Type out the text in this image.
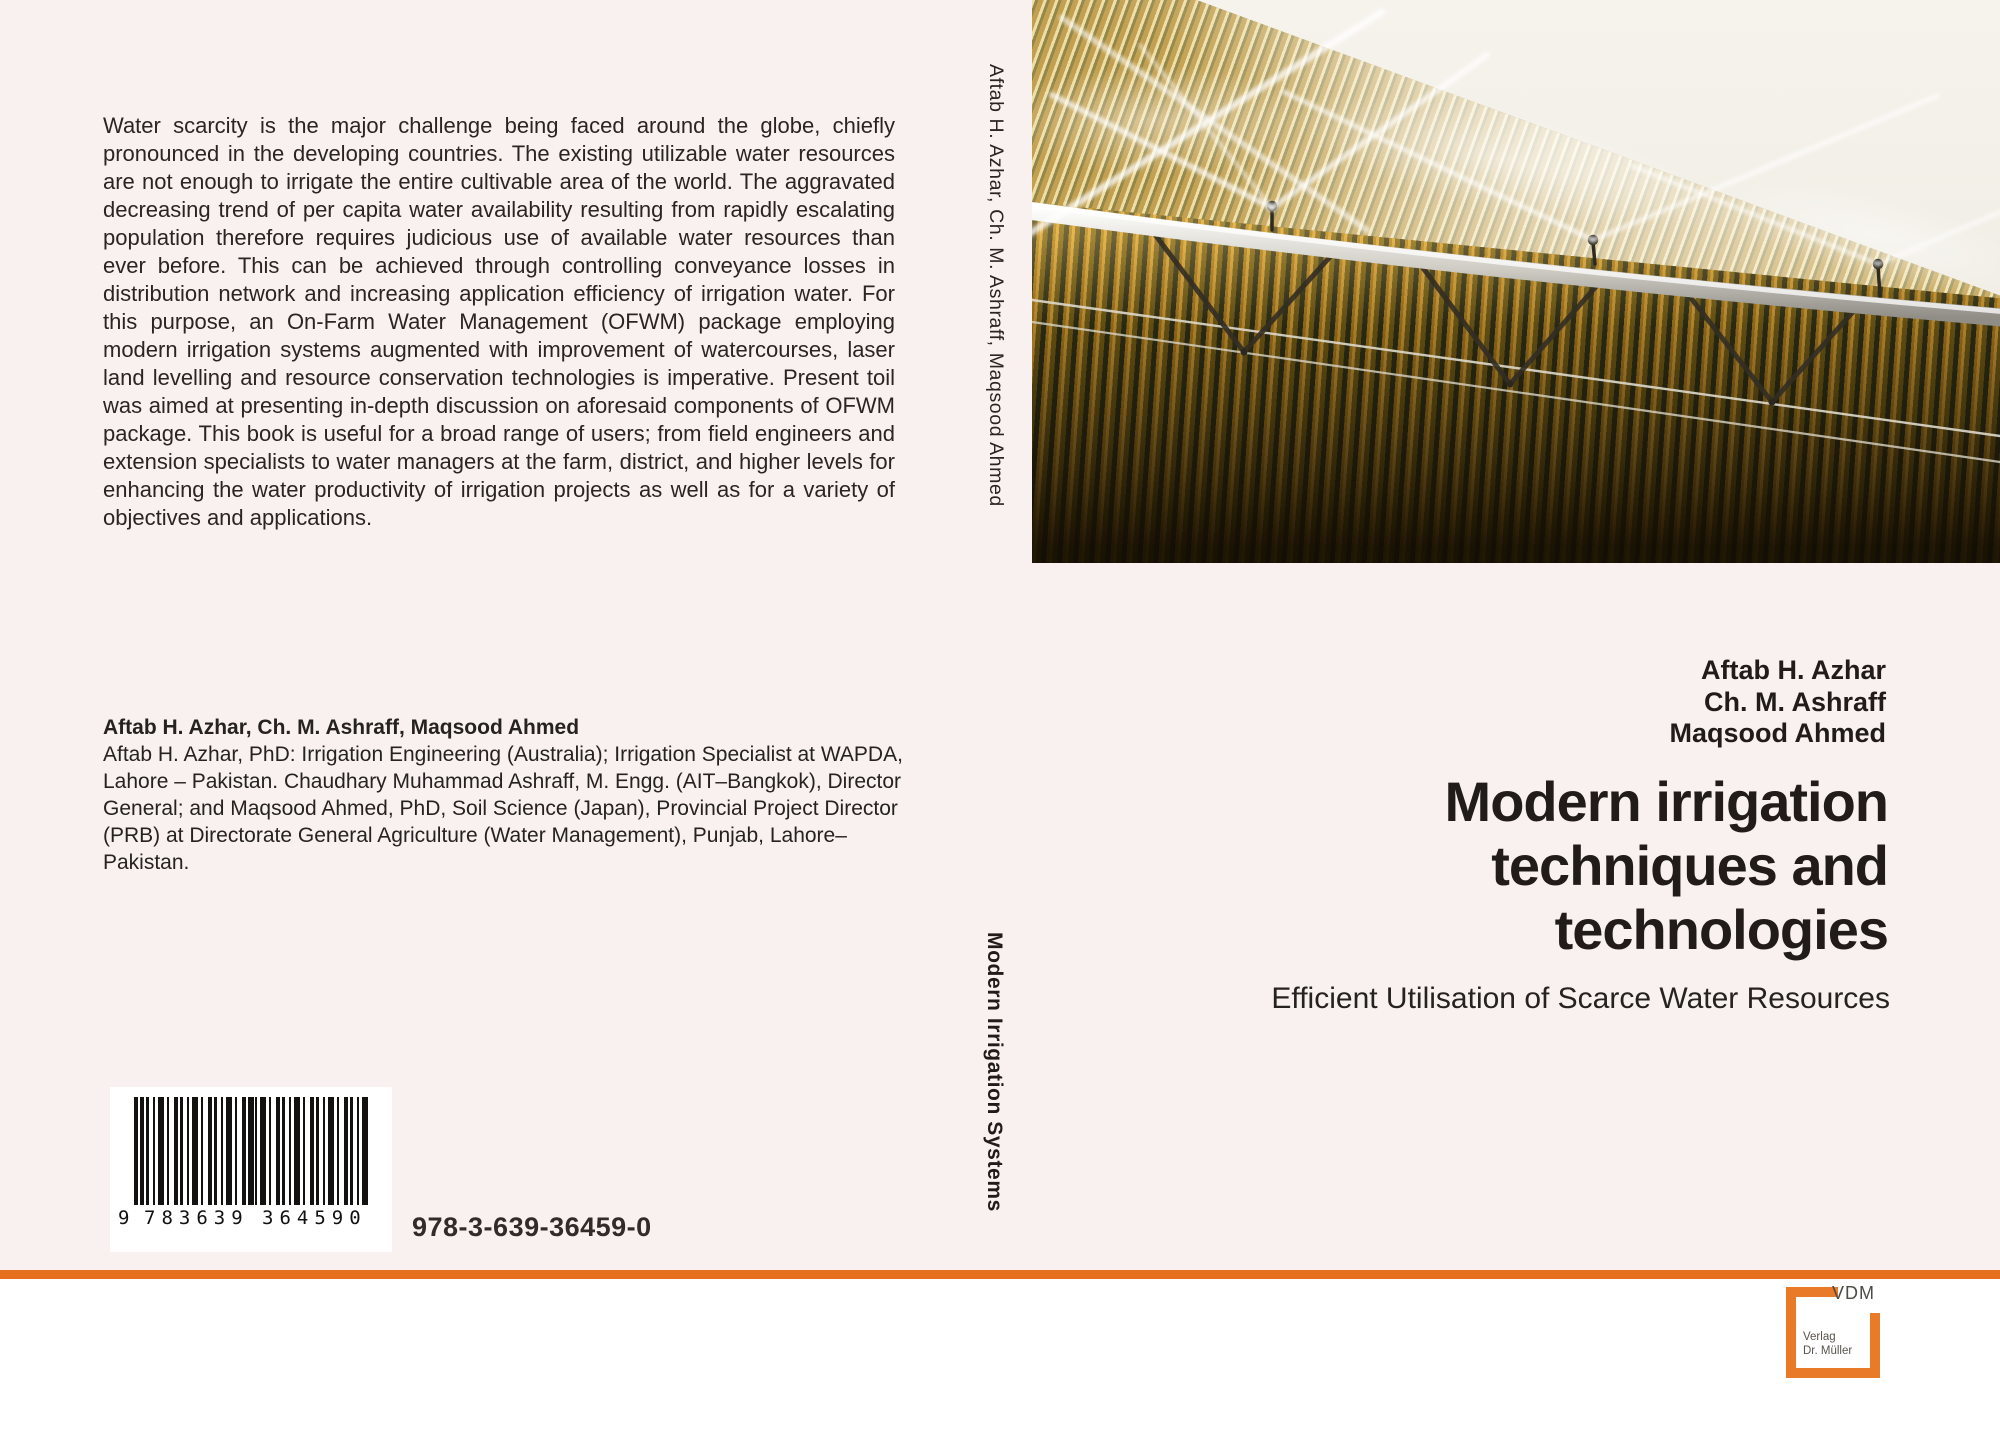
Water scarcity is the major challenge being faced around the globe, chiefly pronounced in the developing countries. The existing utilizable water resources are not enough to irrigate the entire cultivable area of the world. The aggravated decreasing trend of per capita water availability resulting from rapidly escalating population therefore requires judicious use of available water resources than ever before. This can be achieved through controlling conveyance losses in distribution network and increasing application efficiency of irrigation water. For this purpose, an On-Farm Water Management (OFWM) package employing modern irrigation systems augmented with improvement of watercourses, laser land levelling and resource conservation technologies is imperative. Present toil was aimed at presenting in-depth discussion on aforesaid components of OFWM package. This book is useful for a broad range of users; from field engineers and extension specialists to water managers at the farm, district, and higher levels for enhancing the water productivity of irrigation projects as well as for a variety of objectives and applications.

Aftab H. Azhar, Ch. M. Ashraff, Maqsood Ahmed

Aftab H. Azhar, PhD: Irrigation Engineering (Australia); Irrigation Specialist at WAPDA, Lahore – Pakistan. Chaudhary Muhammad Ashraff, M. Engg. (AIT–Bangkok), Director General; and Maqsood Ahmed, PhD, Soil Science (Japan), Provincial Project Director (PRB) at Directorate General Agriculture (Water Management), Punjab, Lahore–Pakistan.

9 783639 364590 978-3-639-36459-0
Aftab H. Azhar, Ch. M. Ashraff, Maqsood Ahmed
Modern Irrigation Systems
Aftab H. Azhar
Ch. M. Ashraff
Maqsood Ahmed
Modern irrigation
techniques and
technologies
Efficient Utilisation of Scarce Water Resources
VDM
Verlag
Dr. Müller
